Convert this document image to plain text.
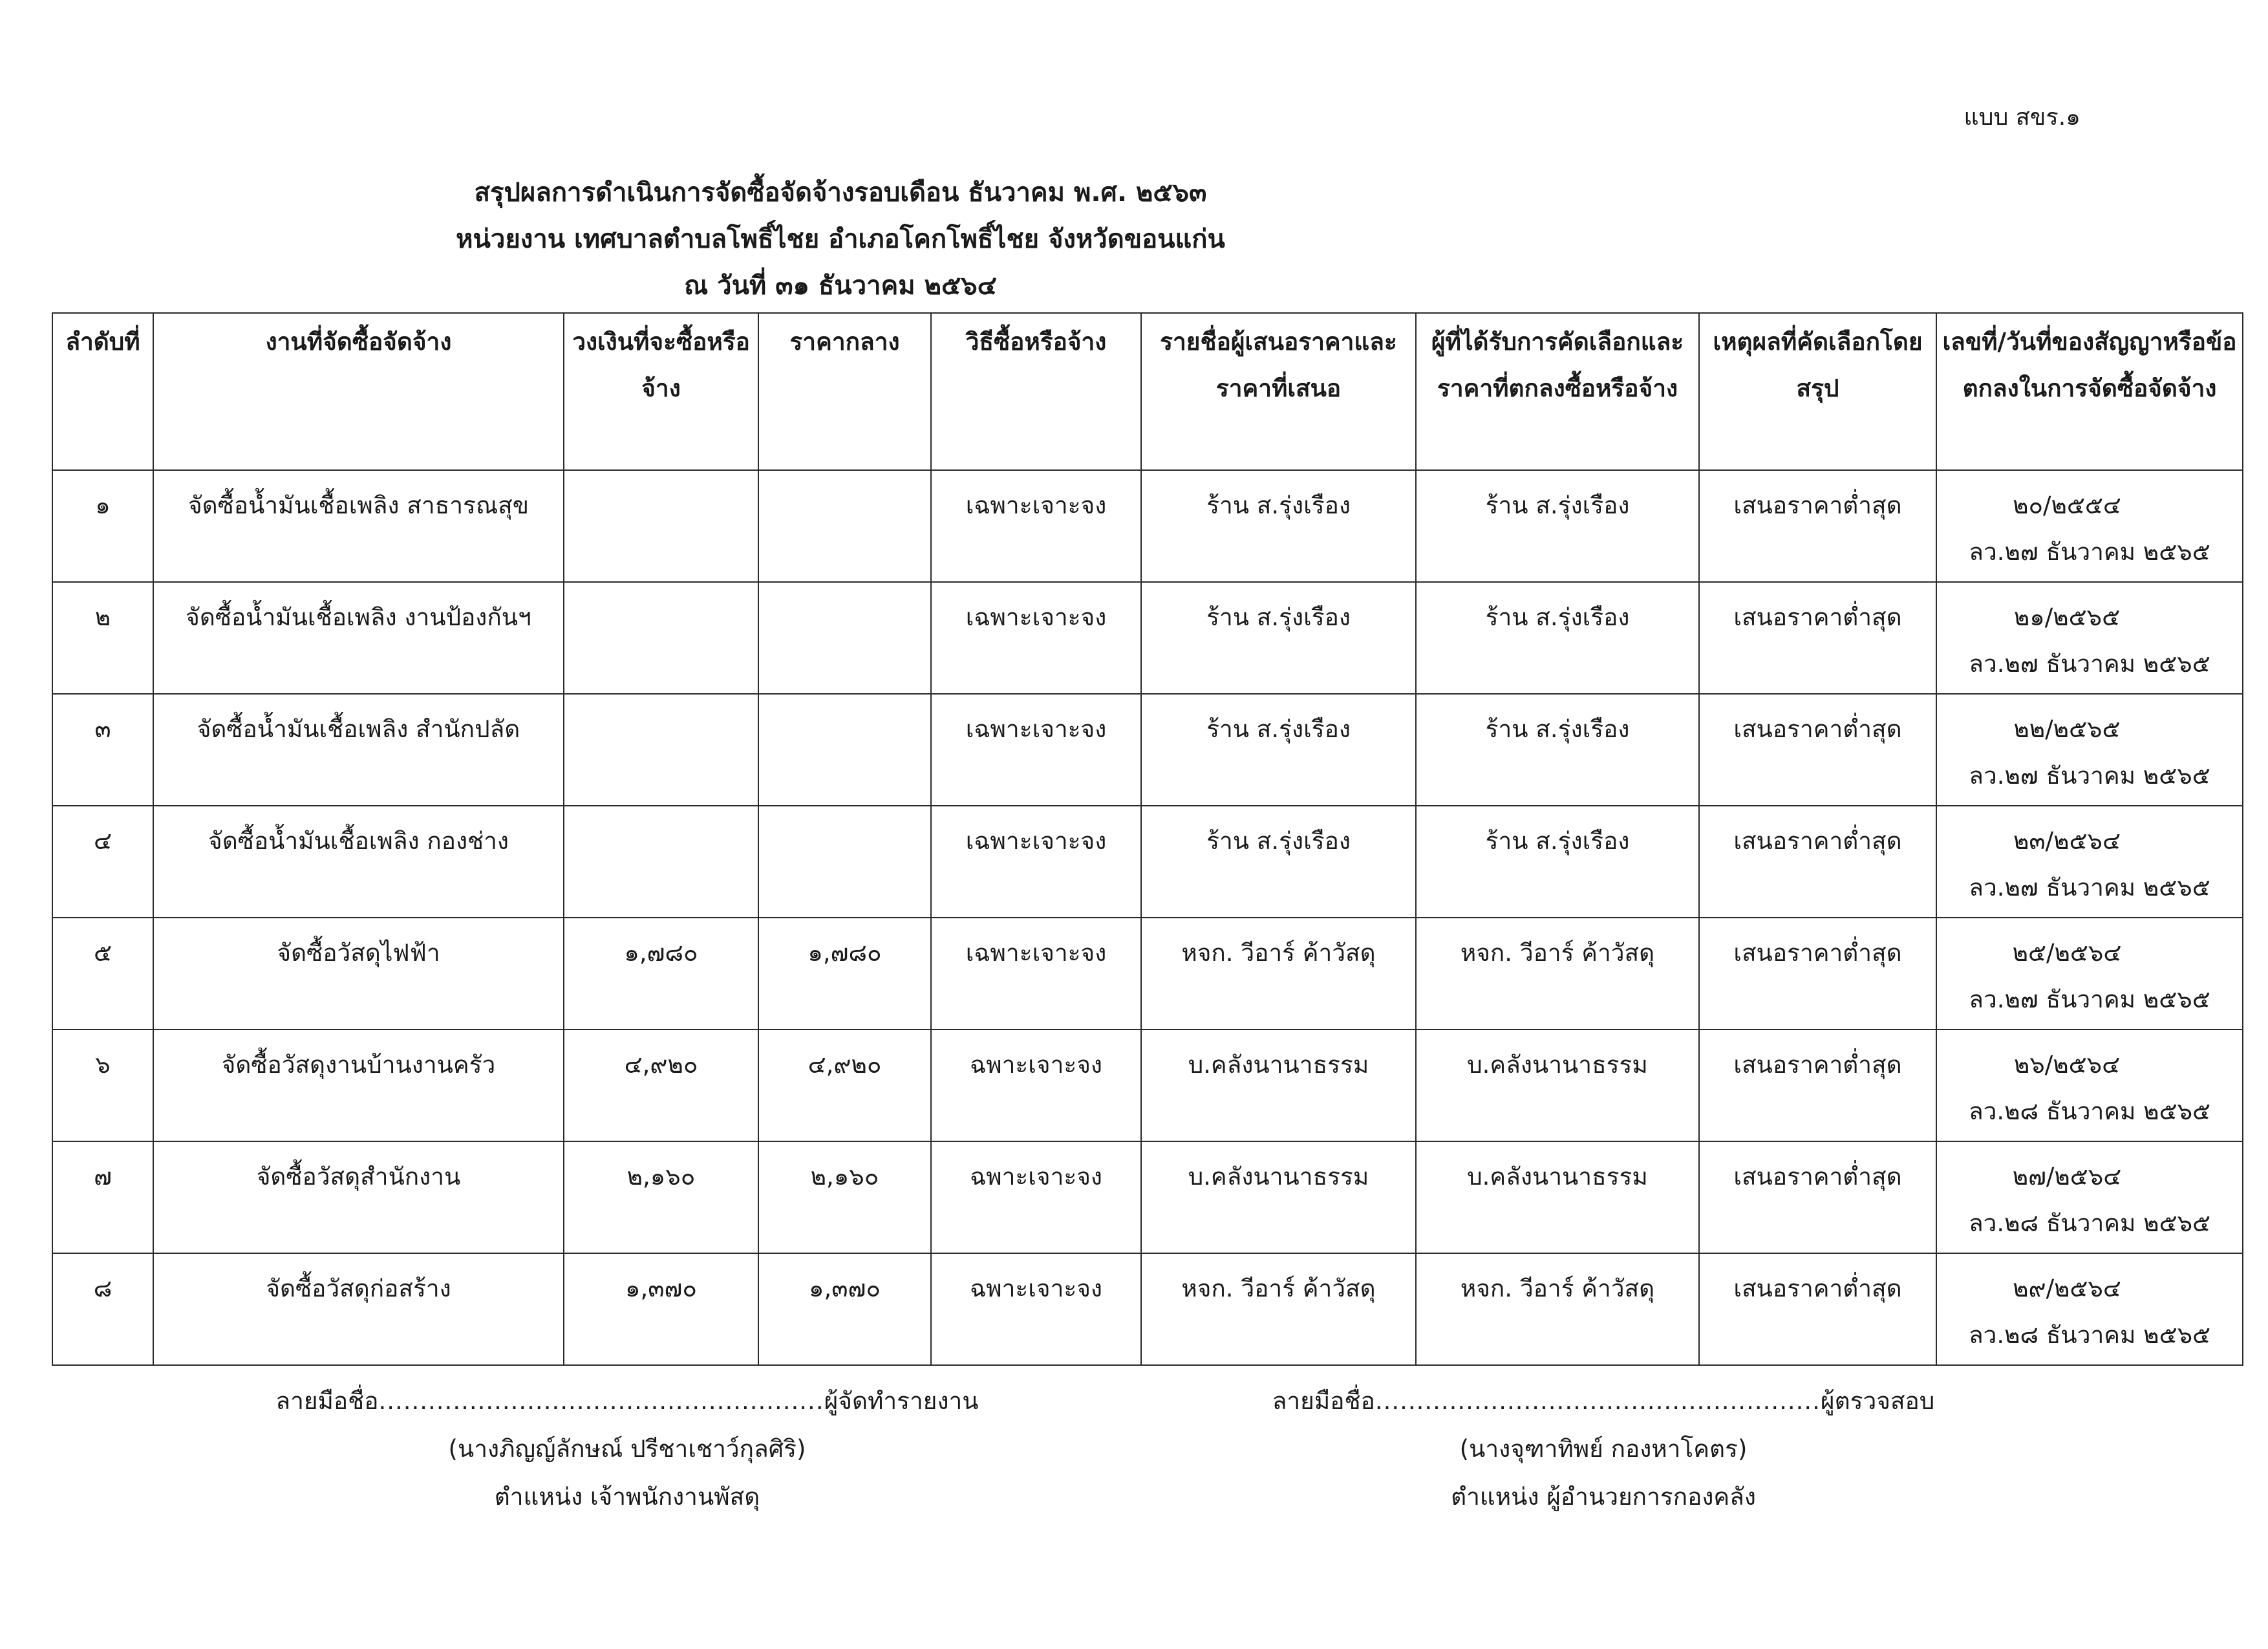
แบบ สขร.๑
สรุปผลการดำเนินการจัดซื้อจัดจ้างรอบเดือน ธันวาคม พ.ศ. ๒๕๖๓
หน่วยงาน เทศบาลตำบลโพธิ์ไชย อำเภอโคกโพธิ์ไชย จังหวัดขอนแก่น
ณ วันที่ ๓๑ ธันวาคม ๒๕๖๔
ลำดับที่	งานที่จัดซื้อจัดจ้าง	วงเงินที่จะซื้อหรือจ้าง	ราคากลาง	วิธีซื้อหรือจ้าง	รายชื่อผู้เสนอราคาและราคาที่เสนอ	ผู้ที่ได้รับการคัดเลือกและราคาที่ตกลงซื้อหรือจ้าง	เหตุผลที่คัดเลือกโดยสรุป	เลขที่/วันที่ของสัญญาหรือข้อตกลงในการจัดซื้อจัดจ้าง
๑	จัดซื้อน้ำมันเชื้อเพลิง สาธารณสุข			เฉพาะเจาะจง	ร้าน ส.รุ่งเรือง	ร้าน ส.รุ่งเรือง	เสนอราคาต่ำสุด	๒๐/๒๕๕๔
ลว.๒๗ ธันวาคม ๒๕๖๕

๒	จัดซื้อน้ำมันเชื้อเพลิง งานป้องกันฯ			เฉพาะเจาะจง	ร้าน ส.รุ่งเรือง	ร้าน ส.รุ่งเรือง	เสนอราคาต่ำสุด	๒๑/๒๕๖๕
ลว.๒๗ ธันวาคม ๒๕๖๕

๓	จัดซื้อน้ำมันเชื้อเพลิง สำนักปลัด			เฉพาะเจาะจง	ร้าน ส.รุ่งเรือง	ร้าน ส.รุ่งเรือง	เสนอราคาต่ำสุด	๒๒/๒๕๖๕
ลว.๒๗ ธันวาคม ๒๕๖๕

๔	จัดซื้อน้ำมันเชื้อเพลิง กองช่าง			เฉพาะเจาะจง	ร้าน ส.รุ่งเรือง	ร้าน ส.รุ่งเรือง	เสนอราคาต่ำสุด	๒๓/๒๕๖๔
ลว.๒๗ ธันวาคม ๒๕๖๕

๕	จัดซื้อวัสดุไฟฟ้า	๑,๗๘๐	๑,๗๘๐	เฉพาะเจาะจง	หจก. วีอาร์ ค้าวัสดุ	หจก. วีอาร์ ค้าวัสดุ	เสนอราคาต่ำสุด	๒๕/๒๕๖๔
ลว.๒๗ ธันวาคม ๒๕๖๕

๖	จัดซื้อวัสดุงานบ้านงานครัว	๔,๙๒๐	๔,๙๒๐	ฉพาะเจาะจง	บ.คลังนานาธรรม	บ.คลังนานาธรรม	เสนอราคาต่ำสุด	๒๖/๒๕๖๔
ลว.๒๘ ธันวาคม ๒๕๖๕

๗	จัดซื้อวัสดุสำนักงาน	๒,๑๖๐	๒,๑๖๐	ฉพาะเจาะจง	บ.คลังนานาธรรม	บ.คลังนานาธรรม	เสนอราคาต่ำสุด	๒๗/๒๕๖๔
ลว.๒๘ ธันวาคม ๒๕๖๕

๘	จัดซื้อวัสดุก่อสร้าง	๑,๓๗๐	๑,๓๗๐	ฉพาะเจาะจง	หจก. วีอาร์ ค้าวัสดุ	หจก. วีอาร์ ค้าวัสดุ	เสนอราคาต่ำสุด	๒๙/๒๕๖๔
ลว.๒๘ ธันวาคม ๒๕๖๕
ลายมือชื่อ......................................................ผู้จัดทำรายงาน
(นางภิญญ์ลักษณ์ ปรีชาเชาว์กุลศิริ)
ตำแหน่ง เจ้าพนักงานพัสดุ
ลายมือชื่อ......................................................ผู้ตรวจสอบ
(นางจุฑาทิพย์ กองหาโคตร)
ตำแหน่ง ผู้อำนวยการกองคลัง
